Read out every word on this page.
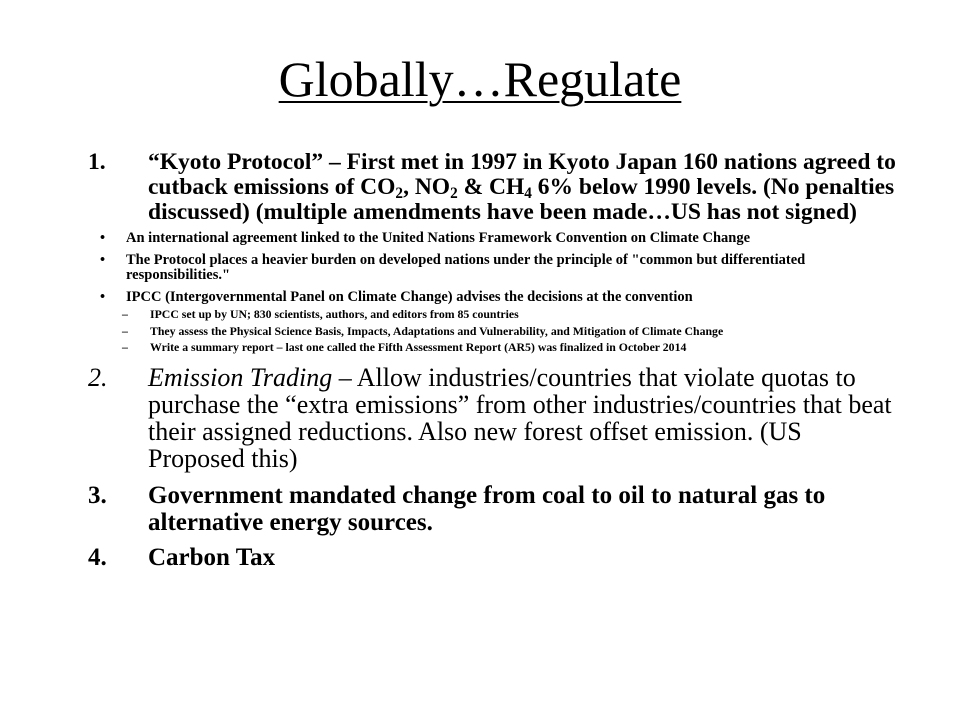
Globally…Regulate
1. “Kyoto Protocol” – First met in 1997 in Kyoto Japan 160 nations agreed to cutback emissions of $CO_2$, $NO_2$ & $CH_4$ 6% below 1990 levels. (No penalties discussed) (multiple amendments have been made…US has not signed)
• An international agreement linked to the United Nations Framework Convention on Climate Change
• The Protocol places a heavier burden on developed nations under the principle of "common but differentiated responsibilities."
• IPCC (Intergovernmental Panel on Climate Change) advises the decisions at the convention
– IPCC set up by UN; 830 scientists, authors, and editors from 85 countries
– They assess the Physical Science Basis, Impacts, Adaptations and Vulnerability, and Mitigation of Climate Change
– Write a summary report – last one called the Fifth Assessment Report (AR5) was finalized in October 2014
2. Emission Trading – Allow industries/countries that violate quotas to purchase the “extra emissions” from other industries/countries that beat their assigned reductions. Also new forest offset emission. (US Proposed this)
3. Government mandated change from coal to oil to natural gas to alternative energy sources.
4. Carbon Tax
